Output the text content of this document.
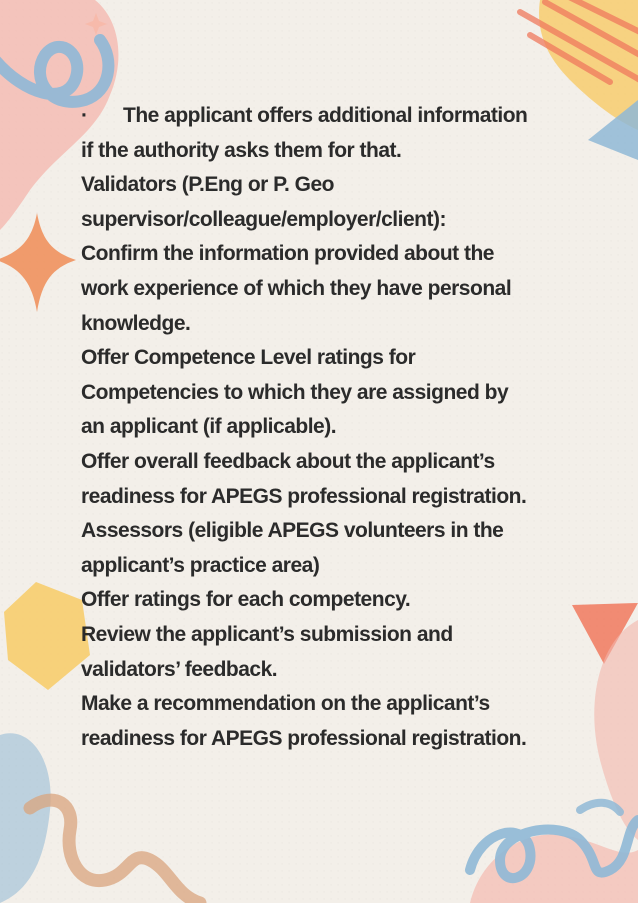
· The applicant offers additional information
if the authority asks them for that.
Validators (P.Eng or P. Geo
supervisor/colleague/employer/client):
Confirm the information provided about the
work experience of which they have personal
knowledge.
Offer Competence Level ratings for
Competencies to which they are assigned by
an applicant (if applicable).
Offer overall feedback about the applicant’s
readiness for APEGS professional registration.
Assessors (eligible APEGS volunteers in the
applicant’s practice area)
Offer ratings for each competency.
Review the applicant’s submission and
validators’ feedback.
Make a recommendation on the applicant’s
readiness for APEGS professional registration.
